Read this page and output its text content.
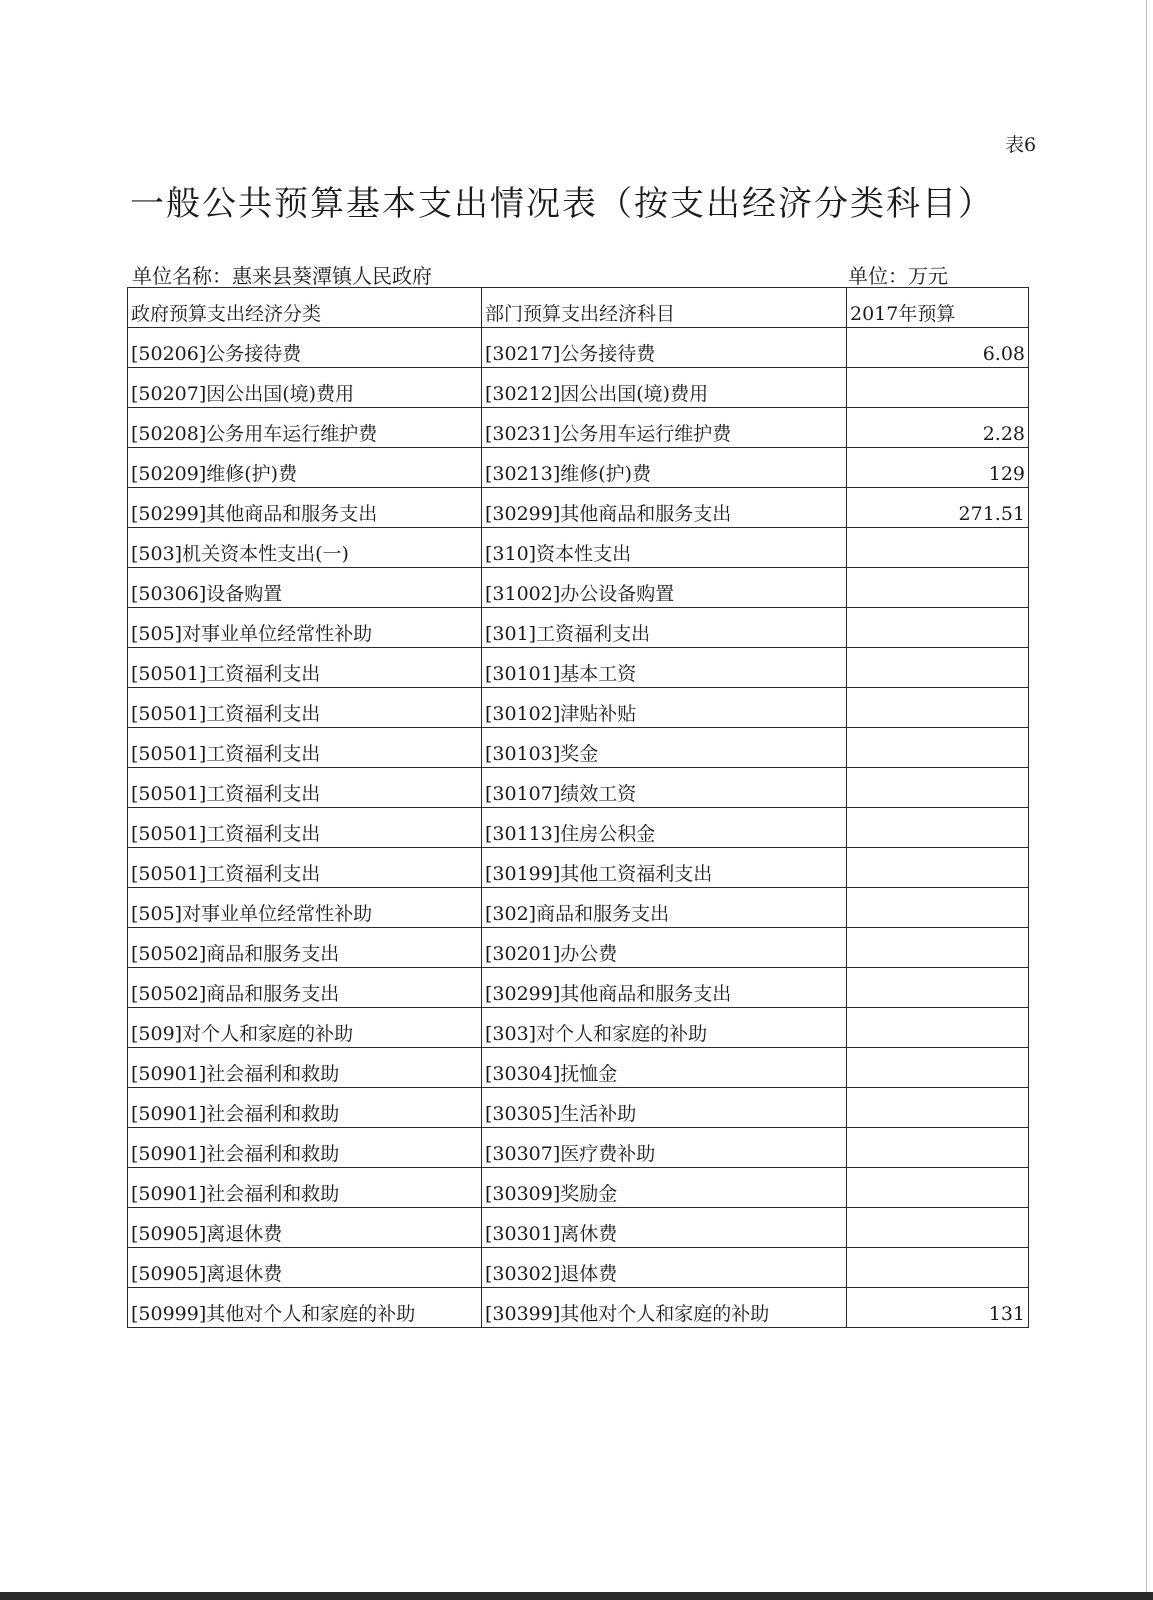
表6
一般公共预算基本支出情况表（按支出经济分类科目）
单位名称：惠来县葵潭镇人民政府	单位：万元
政府预算支出经济分类	部门预算支出经济科目	2017年预算
[50206]公务接待费	[30217]公务接待费	6.08
[50207]因公出国(境)费用	[30212]因公出国(境)费用	
[50208]公务用车运行维护费	[30231]公务用车运行维护费	2.28
[50209]维修(护)费	[30213]维修(护)费	129
[50299]其他商品和服务支出	[30299]其他商品和服务支出	271.51
[503]机关资本性支出(一)	[310]资本性支出	
[50306]设备购置	[31002]办公设备购置	
[505]对事业单位经常性补助	[301]工资福利支出	
[50501]工资福利支出	[30101]基本工资	
[50501]工资福利支出	[30102]津贴补贴	
[50501]工资福利支出	[30103]奖金	
[50501]工资福利支出	[30107]绩效工资	
[50501]工资福利支出	[30113]住房公积金	
[50501]工资福利支出	[30199]其他工资福利支出	
[505]对事业单位经常性补助	[302]商品和服务支出	
[50502]商品和服务支出	[30201]办公费	
[50502]商品和服务支出	[30299]其他商品和服务支出	
[509]对个人和家庭的补助	[303]对个人和家庭的补助	
[50901]社会福利和救助	[30304]抚恤金	
[50901]社会福利和救助	[30305]生活补助	
[50901]社会福利和救助	[30307]医疗费补助	
[50901]社会福利和救助	[30309]奖励金	
[50905]离退休费	[30301]离休费	
[50905]离退休费	[30302]退体费	
[50999]其他对个人和家庭的补助	[30399]其他对个人和家庭的补助	131
